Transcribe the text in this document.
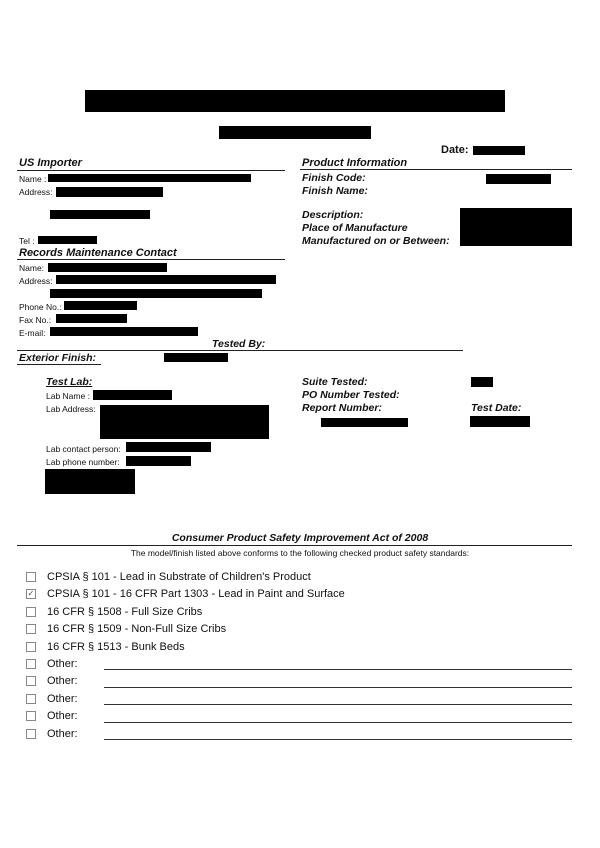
Date:
US Importer
Name :
Address:
Tel :
Records Maintenance Contact
Name:
Address:
Phone No.:
Fax No.:
E-mail:
Product Information
Finish Code:
Finish Name:
Description:
Place of Manufacture
Manufactured on or Between:
Tested By:
Exterior Finish:
Test Lab:
Lab Name :
Lab Address:
Lab contact person:
Lab phone number:
Suite Tested:
PO Number Tested:
Report Number:	Test Date:
Consumer Product Safety Improvement Act of 2008
The model/finish listed above conforms to the following checked product safety standards:
CPSIA § 101 - Lead in Substrate of Children's Product
✓ CPSIA § 101 - 16 CFR Part 1303 - Lead in Paint and Surface
16 CFR § 1508 - Full Size Cribs
16 CFR § 1509 - Non-Full Size Cribs
16 CFR § 1513 - Bunk Beds
Other:
Other:
Other:
Other:
Other:
